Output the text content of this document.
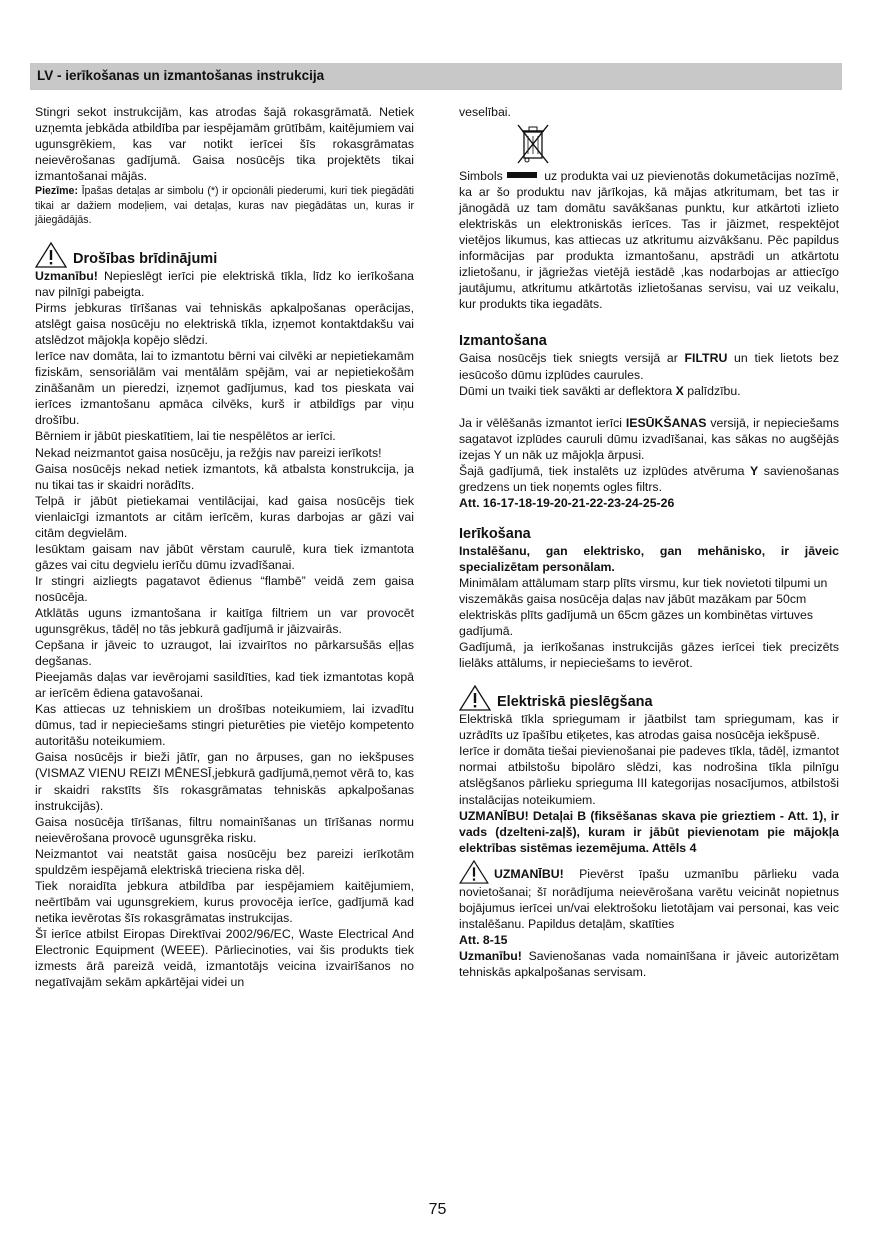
LV - ierīkošanas un izmantošanas instrukcija

Stingri sekot instrukcijām, kas atrodas šajā rokasgrāmatā. Netiek uzņemta jebkāda atbildība par iespējamām grūtībām, kaitējumiem vai ugunsgrēkiem, kas var notikt ierīcei šīs rokasgrāmatas neievērošanas gadījumā. Gaisa nosūcējs tika projektēts tikai izmantošanai mājās.

Piezīme: Īpašas detaļas ar simbolu (*) ir opcionāli piederumi, kuri tiek piegādāti tikai ar dažiem modeļiem, vai detaļas, kuras nav piegādātas un, kuras ir jāiegādājās.

Drošības brīdinājumi

Uzmanību! Nepieslēgt ierīci pie elektriskā tīkla, līdz ko ierīkošana nav pilnīgi pabeigta.

Pirms jebkuras tīrīšanas vai tehniskās apkalpošanas operācijas, atslēgt gaisa nosūcēju no elektriskā tīkla, izņemot kontaktdakšu vai atslēdzot mājokļa kopējo slēdzi.

Ierīce nav domāta, lai to izmantotu bērni vai cilvēki ar nepietiekamām fiziskām, sensoriālām vai mentālām spējām, vai ar nepietiekošām zināšanām un pieredzi, izņemot gadījumus, kad tos pieskata vai ierīces izmantošanu apmāca cilvēks, kurš ir atbildīgs par viņu drošību.

Bērniem ir jābūt pieskatītiem, lai tie nespēlētos ar ierīci.

Nekad neizmantot gaisa nosūcēju, ja režģis nav pareizi ierīkots!

Gaisa nosūcējs nekad netiek izmantots, kā atbalsta konstrukcija, ja nu tikai tas ir skaidri norādīts.

Telpā ir jābūt pietiekamai ventilācijai, kad gaisa nosūcējs tiek vienlaicīgi izmantots ar citām ierīcēm, kuras darbojas ar gāzi vai citām degvielām.

Iesūktam gaisam nav jābūt vērstam caurulē, kura tiek izmantota gāzes vai citu degvielu ierīču dūmu izvadīšanai.

Ir stingri aizliegts pagatavot ēdienus “flambē” veidā zem gaisa nosūcēja.

Atklātās uguns izmantošana ir kaitīga filtriem un var provocēt ugunsgrēkus, tādēļ no tās jebkurā gadījumā ir jāizvairās.

Cepšana ir jāveic to uzraugot, lai izvairītos no pārkarsušās eļļas degšanas.

Pieejamās daļas var ievērojami sasildīties, kad tiek izmantotas kopā ar ierīcēm ēdiena gatavošanai.

Kas attiecas uz tehniskiem un drošības noteikumiem, lai izvadītu dūmus, tad ir nepieciešams stingri pieturēties pie vietējo kompetento autoritāšu noteikumiem.

Gaisa nosūcējs ir bieži jātīr, gan no ārpuses, gan no iekšpuses (VISMAZ VIENU REIZI MĒNESĪ,jebkurā gadījumā,ņemot vērā to, kas ir skaidri rakstīts šīs rokasgrāmatas tehniskās apkalpošanas instrukcijās).

Gaisa nosūcēja tīrīšanas, filtru nomainīšanas un tīrīšanas normu neievērošana provocē ugunsgrēka risku.

Neizmantot vai neatstāt gaisa nosūcēju bez pareizi ierīkotām spuldzēm iespējamā elektriskā trieciena riska dēļ.

Tiek noraidīta jebkura atbildība par iespējamiem kaitējumiem, neērtībām vai ugunsgrekiem, kurus provocēja ierīce, gadījumā kad netika ievērotas šīs rokasgrāmatas instrukcijas.

Šī ierīce atbilst Eiropas Direktīvai 2002/96/EC, Waste Electrical And Electronic Equipment (WEEE). Pārliecinoties, vai šis produkts tiek izmests ārā pareizā veidā, izmantotājs veicina izvairīšanos no negatīvajām sekām apkārtējai videi un

veselībai.

Simbols	uz produkta vai uz pievienotās dokumetācijas nozīmē, ka ar šo produktu nav jārīkojas, kā mājas atkritumam, bet tas ir jānogādā uz tam domātu savākšanas punktu, kur atkārtoti izlieto elektriskās un elektroniskās ierīces. Tas ir jāizmet, respektējot vietējos likumus, kas attiecas uz atkritumu aizvākšanu. Pēc papildus informācijas par produkta izmantošanu, apstrādi un atkārtotu izlietošanu, ir jāgriežas vietējā iestādē ,kas nodarbojas ar attiecīgo jautājumu, atkritumu atkārtotās izlietošanas servisu, vai uz veikalu, kur produkts tika iegadāts.

Izmantošana

Gaisa nosūcējs tiek sniegts versijā ar FILTRU un tiek lietots bez iesūcošo dūmu izplūdes caurules.

Dūmi un tvaiki tiek savākti ar deflektora X palīdzību.

Ja ir vēlēšanās izmantot ierīci IESŪKŠANAS versijā, ir nepieciešams sagatavot izplūdes cauruli dūmu izvadīšanai, kas sākas no augšējās izejas Y un nāk uz mājokļa ārpusi.

Šajā gadījumā, tiek instalēts uz izplūdes atvēruma Y savienošanas gredzens un tiek noņemts ogles filtrs.

Att. 16-17-18-19-20-21-22-23-24-25-26

Ierīkošana

Instalēšanu, gan elektrisko, gan mehānisko, ir jāveic specializētam personālam.

Minimālam attālumam starp plīts virsmu, kur tiek novietoti tilpumi un viszemākās gaisa nosūcēja daļas nav jābūt mazākam par 50cm elektriskās plīts gadījumā un 65cm gāzes un kombinētas virtuves gadījumā.

Gadījumā, ja ierīkošanas instrukcijās gāzes ierīcei tiek precizēts lielāks attālums, ir nepieciešams to ievērot.

Elektriskā pieslēgšana

Elektriskā tīkla spriegumam ir jāatbilst tam spriegumam, kas ir uzrādīts uz īpašību etiķetes, kas atrodas gaisa nosūcēja iekšpusē.

Ierīce ir domāta tiešai pievienošanai pie padeves tīkla, tādēļ, izmantot normai atbilstošu bipolāro slēdzi, kas nodrošina tīkla pilnīgu atslēgšanos pārlieku sprieguma III kategorijas nosacījumos, atbilstoši instalācijas noteikumiem.

UZMANĪBU! Detaļai B (fiksēšanas skava pie grieztiem - Att. 1), ir vads (dzelteni-zaļš), kuram ir jābūt pievienotam pie mājokļa elektrības sistēmas iezemējuma. Attēls 4

UZMANĪBU! Pievērst īpašu uzmanību pārlieku vada novietošanai; šī norādījuma neievērošana varētu veicināt nopietnus bojājumus ierīcei un/vai elektrošoku lietotājam vai personai, kas veic instalēšanu. Papildus detaļām, skatīties
Att. 8-15

Uzmanību! Savienošanas vada nomainīšana ir jāveic autorizētam tehniskās apkalpošanas servisam.

75
